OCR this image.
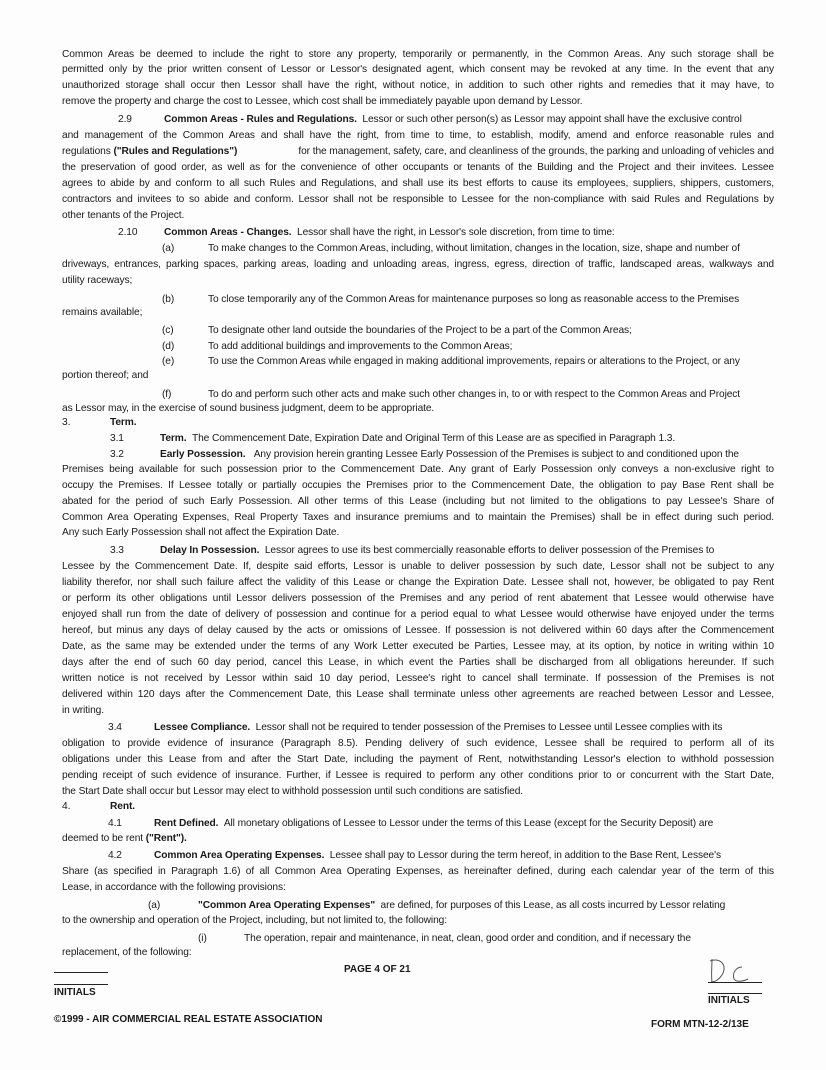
Common Areas be deemed to include the right to store any property, temporarily or permanently, in the Common Areas. Any such storage shall be
permitted only by the prior written consent of Lessor or Lessor's designated agent, which consent may be revoked at any time. In the event that any
unauthorized storage shall occur then Lessor shall have the right, without notice, in addition to such other rights and remedies that it may have, to
remove the property and charge the cost to Lessee, which cost shall be immediately payable upon demand by Lessor.
2.9	Common Areas - Rules and Regulations. Lessor or such other person(s) as Lessor may appoint shall have the exclusive control
and management of the Common Areas and shall have the right, from time to time, to establish, modify, amend and enforce reasonable rules and
regulations ("Rules and Regulations")	for the management, safety, care, and cleanliness of the grounds, the parking and unloading of vehicles and
the preservation of good order, as well as for the convenience of other occupants or tenants of the Building and the Project and their invitees. Lessee
agrees to abide by and conform to all such Rules and Regulations, and shall use its best efforts to cause its employees, suppliers, shippers, customers,
contractors and invitees to so abide and conform. Lessor shall not be responsible to Lessee for the non-compliance with said Rules and Regulations by
other tenants of the Project.
2.10	Common Areas - Changes. Lessor shall have the right, in Lessor's sole discretion, from time to time:
(a)	To make changes to the Common Areas, including, without limitation, changes in the location, size, shape and number of
driveways, entrances, parking spaces, parking areas, loading and unloading areas, ingress, egress, direction of traffic, landscaped areas, walkways and
utility raceways;
(b)	To close temporarily any of the Common Areas for maintenance purposes so long as reasonable access to the Premises
remains available;
(c)	To designate other land outside the boundaries of the Project to be a part of the Common Areas;
(d)	To add additional buildings and improvements to the Common Areas;
(e)	To use the Common Areas while engaged in making additional improvements, repairs or alterations to the Project, or any
portion thereof; and
(f)	To do and perform such other acts and make such other changes in, to or with respect to the Common Areas and Project
as Lessor may, in the exercise of sound business judgment, deem to be appropriate.
3.	Term.
3.1	Term. The Commencement Date, Expiration Date and Original Term of this Lease are as specified in Paragraph 1.3.
3.2	Early Possession. Any provision herein granting Lessee Early Possession of the Premises is subject to and conditioned upon the
Premises being available for such possession prior to the Commencement Date. Any grant of Early Possession only conveys a non-exclusive right to
occupy the Premises. If Lessee totally or partially occupies the Premises prior to the Commencement Date, the obligation to pay Base Rent shall be
abated for the period of such Early Possession. All other terms of this Lease (including but not limited to the obligations to pay Lessee's Share of
Common Area Operating Expenses, Real Property Taxes and insurance premiums and to maintain the Premises) shall be in effect during such period.
Any such Early Possession shall not affect the Expiration Date.
3.3	Delay In Possession. Lessor agrees to use its best commercially reasonable efforts to deliver possession of the Premises to
Lessee by the Commencement Date. If, despite said efforts, Lessor is unable to deliver possession by such date, Lessor shall not be subject to any
liability therefor, nor shall such failure affect the validity of this Lease or change the Expiration Date. Lessee shall not, however, be obligated to pay Rent
or perform its other obligations until Lessor delivers possession of the Premises and any period of rent abatement that Lessee would otherwise have
enjoyed shall run from the date of delivery of possession and continue for a period equal to what Lessee would otherwise have enjoyed under the terms
hereof, but minus any days of delay caused by the acts or omissions of Lessee. If possession is not delivered within 60 days after the Commencement
Date, as the same may be extended under the terms of any Work Letter executed be Parties, Lessee may, at its option, by notice in writing within 10
days after the end of such 60 day period, cancel this Lease, in which event the Parties shall be discharged from all obligations hereunder. If such
written notice is not received by Lessor within said 10 day period, Lessee's right to cancel shall terminate. If possession of the Premises is not
delivered within 120 days after the Commencement Date, this Lease shall terminate unless other agreements are reached between Lessor and Lessee,
in writing.
3.4	Lessee Compliance. Lessor shall not be required to tender possession of the Premises to Lessee until Lessee complies with its
obligation to provide evidence of insurance (Paragraph 8.5). Pending delivery of such evidence, Lessee shall be required to perform all of its
obligations under this Lease from and after the Start Date, including the payment of Rent, notwithstanding Lessor's election to withhold possession
pending receipt of such evidence of insurance. Further, if Lessee is required to perform any other conditions prior to or concurrent with the Start Date,
the Start Date shall occur but Lessor may elect to withhold possession until such conditions are satisfied.
4.	Rent.
4.1	Rent Defined. All monetary obligations of Lessee to Lessor under the terms of this Lease (except for the Security Deposit) are
deemed to be rent ("Rent").
4.2	Common Area Operating Expenses. Lessee shall pay to Lessor during the term hereof, in addition to the Base Rent, Lessee's
Share (as specified in Paragraph 1.6) of all Common Area Operating Expenses, as hereinafter defined, during each calendar year of the term of this
Lease, in accordance with the following provisions:
(a)	"Common Area Operating Expenses" are defined, for purposes of this Lease, as all costs incurred by Lessor relating
to the ownership and operation of the Project, including, but not limited to, the following:
(i)	The operation, repair and maintenance, in neat, clean, good order and condition, and if necessary the
replacement, of the following:
INITIALS
PAGE 4 OF 21
INITIALS
©1999 - AIR COMMERCIAL REAL ESTATE ASSOCIATION	FORM MTN-12-2/13E
